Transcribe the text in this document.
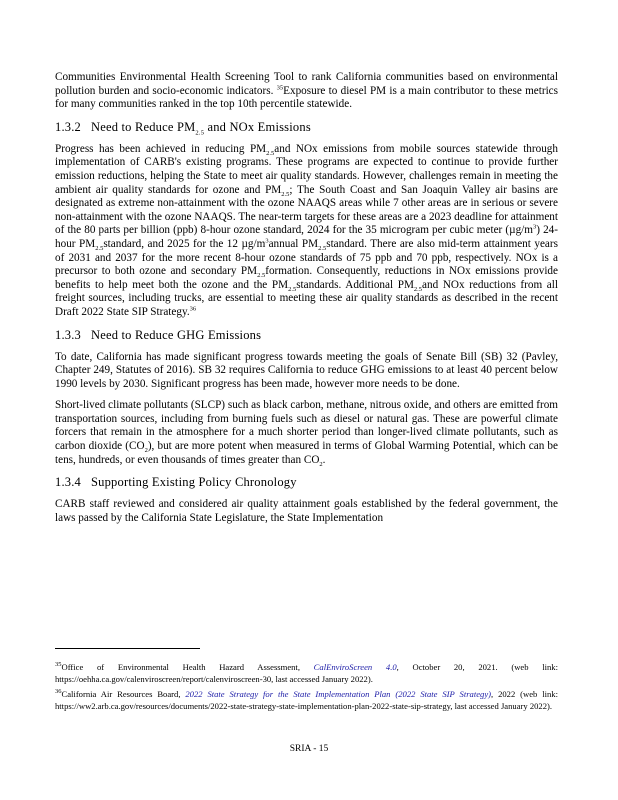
Communities Environmental Health Screening Tool to rank California communities based on environmental pollution burden and socio-economic indicators. $^{35}$Exposure to diesel PM is a main contributor to these metrics for many communities ranked in the top 10th percentile statewide.

1.3.2 Need to Reduce $PM_{2.5}$ and NOx Emissions

Progress has been achieved in reducing $PM_{2.5}and$ NOx emissions from mobile sources statewide through implementation of CARB's existing programs. These programs are expected to continue to provide further emission reductions, helping the State to meet air quality standards. However, challenges remain in meeting the ambient air quality standards for ozone and $PM_{2.5}$; The South Coast and San Joaquin Valley air basins are designated as extreme non-attainment with the ozone NAAQS areas while 7 other areas are in serious or severe non-attainment with the ozone NAAQS. The near-term targets for these areas are a 2023 deadline for attainment of the 80 parts per billion (ppb) 8-hour ozone standard, 2024 for the 35 microgram per cubic meter $(\mu g/m^3)$ 24-hour $PM_{2.5}standard$, and 2025 for the 12 $\mu g/m^3annual$ $PM_{2.5}standard$. There are also mid-term attainment years of 2031 and 2037 for the more recent 8-hour ozone standards of 75 ppb and 70 ppb, respectively. NOx is a precursor to both ozone and secondary $PM_{2.5}formation$. Consequently, reductions in NOx emissions provide benefits to help meet both the ozone and the $PM_{2.5}standards$. Additional $PM_{2.5}and$ NOx reductions from all freight sources, including trucks, are essential to meeting these air quality standards as described in the recent Draft 2022 State SIP Strategy.$^{36}$

1.3.3 Need to Reduce GHG Emissions

To date, California has made significant progress towards meeting the goals of Senate Bill (SB) 32 (Pavley, Chapter 249, Statutes of 2016). SB 32 requires California to reduce GHG emissions to at least 40 percent below 1990 levels by 2030. Significant progress has been made, however more needs to be done.

Short-lived climate pollutants (SLCP) such as black carbon, methane, nitrous oxide, and others are emitted from transportation sources, including from burning fuels such as diesel or natural gas. These are powerful climate forcers that remain in the atmosphere for a much shorter period than longer-lived climate pollutants, such as carbon dioxide $(CO_2)$, but are more potent when measured in terms of Global Warming Potential, which can be tens, hundreds, or even thousands of times greater than $CO_2$.

1.3.4 Supporting Existing Policy Chronology

CARB staff reviewed and considered air quality attainment goals established by the federal government, the laws passed by the California State Legislature, the State Implementation

$^{35}$Office of Environmental Health Hazard Assessment, CalEnviroScreen 4.0, October 20, 2021. (web link: https://oehha.ca.gov/calenviroscreen/report/calenviroscreen-30, last accessed January 2022).

$^{36}$California Air Resources Board, 2022 State Strategy for the State Implementation Plan (2022 State SIP Strategy), 2022 (web link: https://ww2.arb.ca.gov/resources/documents/2022-state-strategy-state-implementation-plan-2022-state-sip-strategy, last accessed January 2022).

SRIA - 15
